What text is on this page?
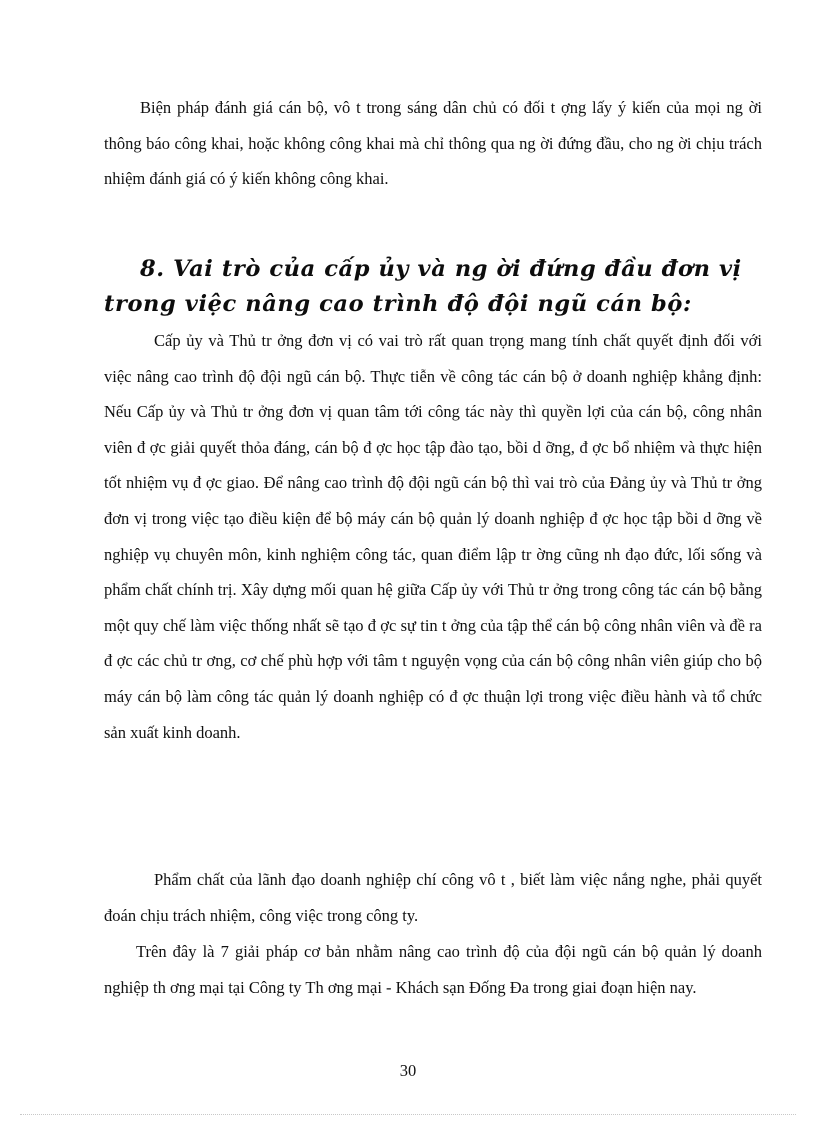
Biện pháp đánh giá cán bộ, vô t trong sáng dân chủ có đối t ợng lấy ý kiến của mọi ng ời thông báo công khai, hoặc không công khai mà chỉ thông qua ng ời đứng đầu, cho ng ời chịu trách nhiệm đánh giá có ý kiến không công khai.

8. Vai trò của cấp ủy và ng ời đứng đầu đơn vị trong việc nâng cao trình độ đội ngũ cán bộ:

Cấp ủy và Thủ tr ởng đơn vị có vai trò rất quan trọng mang tính chất quyết định đối với việc nâng cao trình độ đội ngũ cán bộ. Thực tiễn về công tác cán bộ ở doanh nghiệp khẳng định: Nếu Cấp ủy và Thủ tr ởng đơn vị quan tâm tới công tác này thì quyền lợi của cán bộ, công nhân viên đ ợc giải quyết thỏa đáng, cán bộ đ ợc học tập đào tạo, bồi d ỡng, đ ợc bổ nhiệm và thực hiện tốt nhiệm vụ đ ợc giao. Để nâng cao trình độ đội ngũ cán bộ thì vai trò của Đảng ủy và Thủ tr ởng đơn vị trong việc tạo điều kiện để bộ máy cán bộ quản lý doanh nghiệp đ ợc học tập bồi d ỡng về nghiệp vụ chuyên môn, kinh nghiệm công tác, quan điểm lập tr ờng cũng nh đạo đức, lối sống và phẩm chất chính trị. Xây dựng mối quan hệ giữa Cấp ủy với Thủ tr ởng trong công tác cán bộ bằng một quy chế làm việc thống nhất sẽ tạo đ ợc sự tin t ởng của tập thể cán bộ công nhân viên và đề ra đ ợc các chủ tr ơng, cơ chế phù hợp với tâm t nguyện vọng của cán bộ công nhân viên giúp cho bộ máy cán bộ làm công tác quản lý doanh nghiệp có đ ợc thuận lợi trong việc điều hành và tổ chức sản xuất kinh doanh.

Phẩm chất của lãnh đạo doanh nghiệp chí công vô t , biết làm việc nắng nghe, phải quyết đoán chịu trách nhiệm, công việc trong công ty.

Trên đây là 7 giải pháp cơ bản nhằm nâng cao trình độ của đội ngũ cán bộ quản lý doanh nghiệp th ơng mại tại Công ty Th ơng mại - Khách sạn Đống Đa trong giai đoạn hiện nay.

30
